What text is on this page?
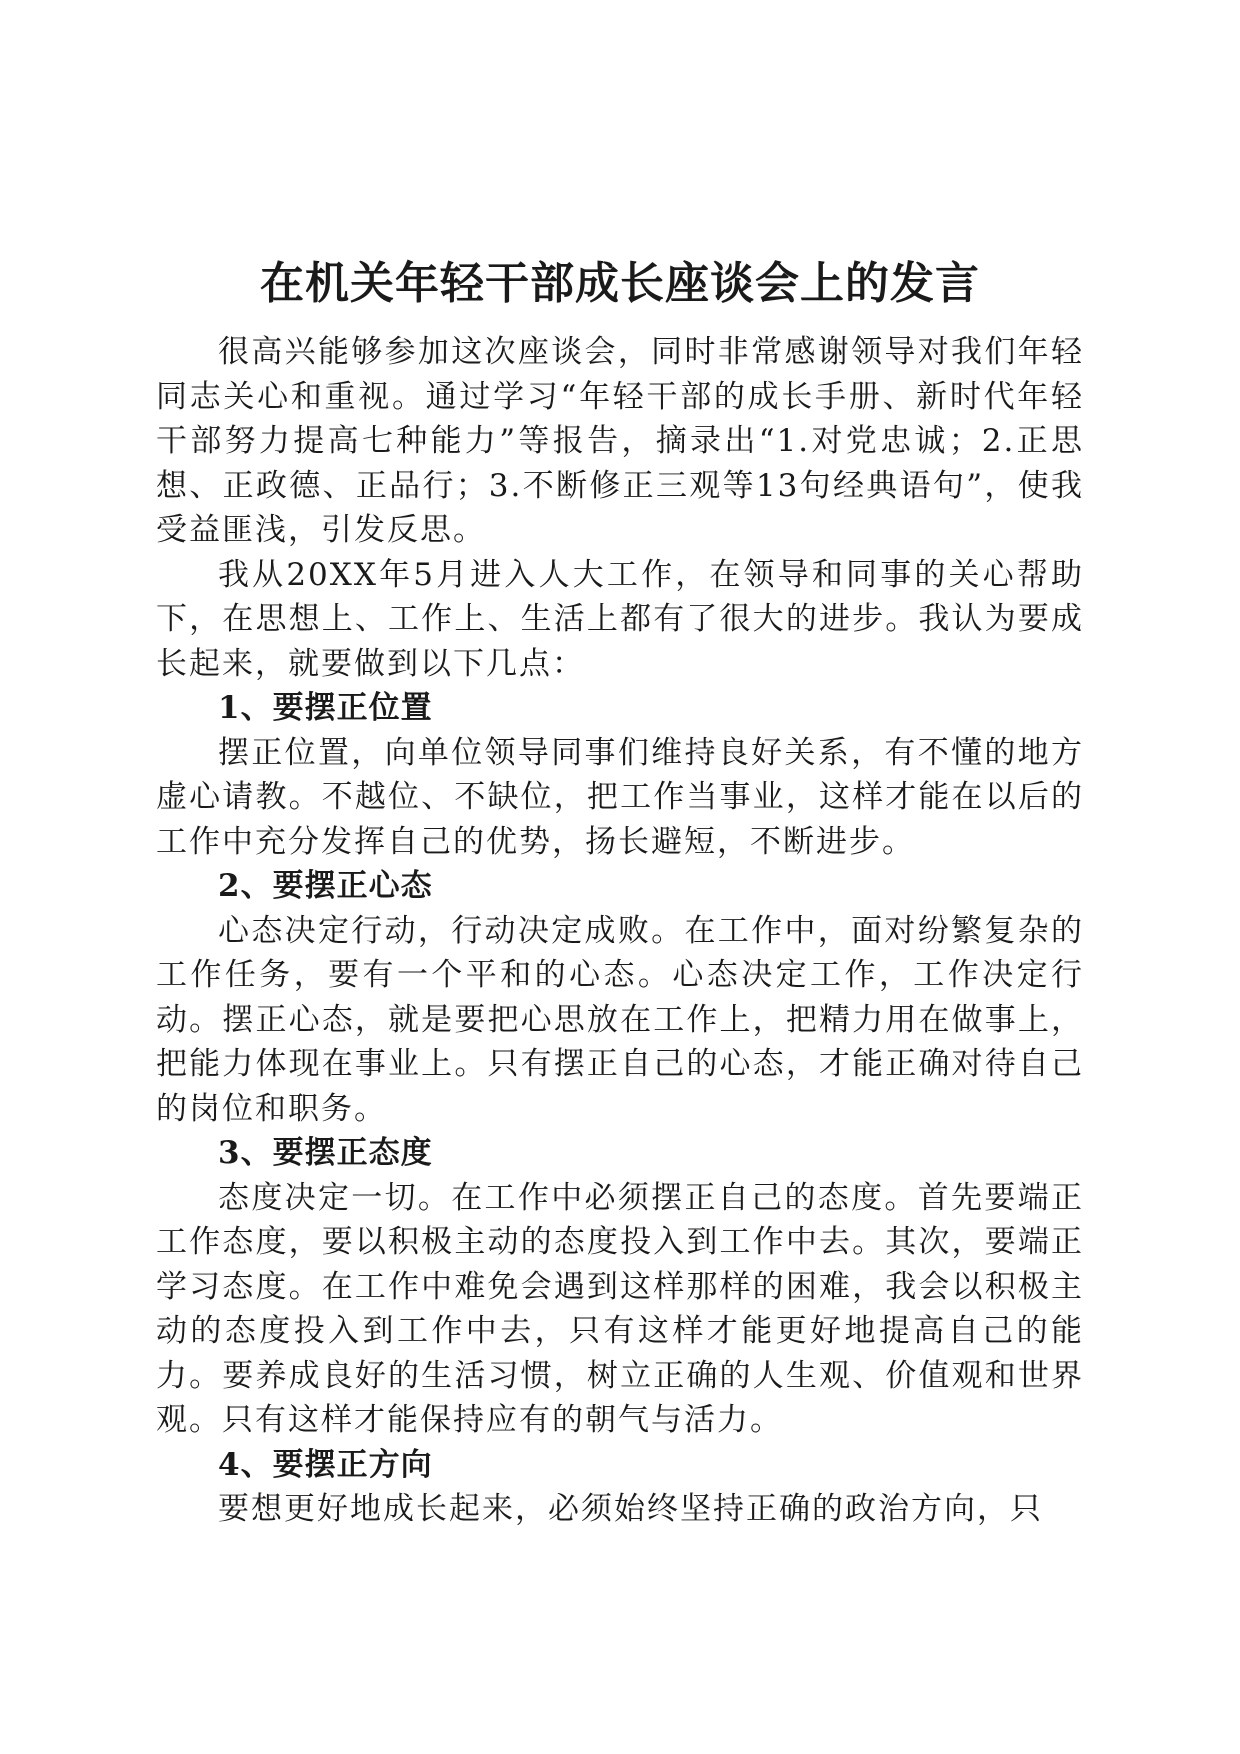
在机关年轻干部成长座谈会上的发言

很高兴能够参加这次座谈会，同时非常感谢领导对我们年轻同志关心和重视。通过学习“年轻干部的成长手册、新时代年轻干部努力提高七种能力”等报告，摘录出“1.对党忠诚；2.正思想、正政德、正品行；3.不断修正三观等13句经典语句”，使我受益匪浅，引发反思。

我从20XX年5月进入人大工作，在领导和同事的关心帮助下，在思想上、工作上、生活上都有了很大的进步。我认为要成长起来，就要做到以下几点：

1、要摆正位置

摆正位置，向单位领导同事们维持良好关系，有不懂的地方虚心请教。不越位、不缺位，把工作当事业，这样才能在以后的工作中充分发挥自己的优势，扬长避短，不断进步。

2、要摆正心态

心态决定行动，行动决定成败。在工作中，面对纷繁复杂的工作任务，要有一个平和的心态。心态决定工作，工作决定行动。摆正心态，就是要把心思放在工作上，把精力用在做事上，把能力体现在事业上。只有摆正自己的心态，才能正确对待自己的岗位和职务。

3、要摆正态度

态度决定一切。在工作中必须摆正自己的态度。首先要端正工作态度，要以积极主动的态度投入到工作中去。其次，要端正学习态度。在工作中难免会遇到这样那样的困难，我会以积极主动的态度投入到工作中去，只有这样才能更好地提高自己的能力。要养成良好的生活习惯，树立正确的人生观、价值观和世界观。只有这样才能保持应有的朝气与活力。

4、要摆正方向

要想更好地成长起来，必须始终坚持正确的政治方向，只
